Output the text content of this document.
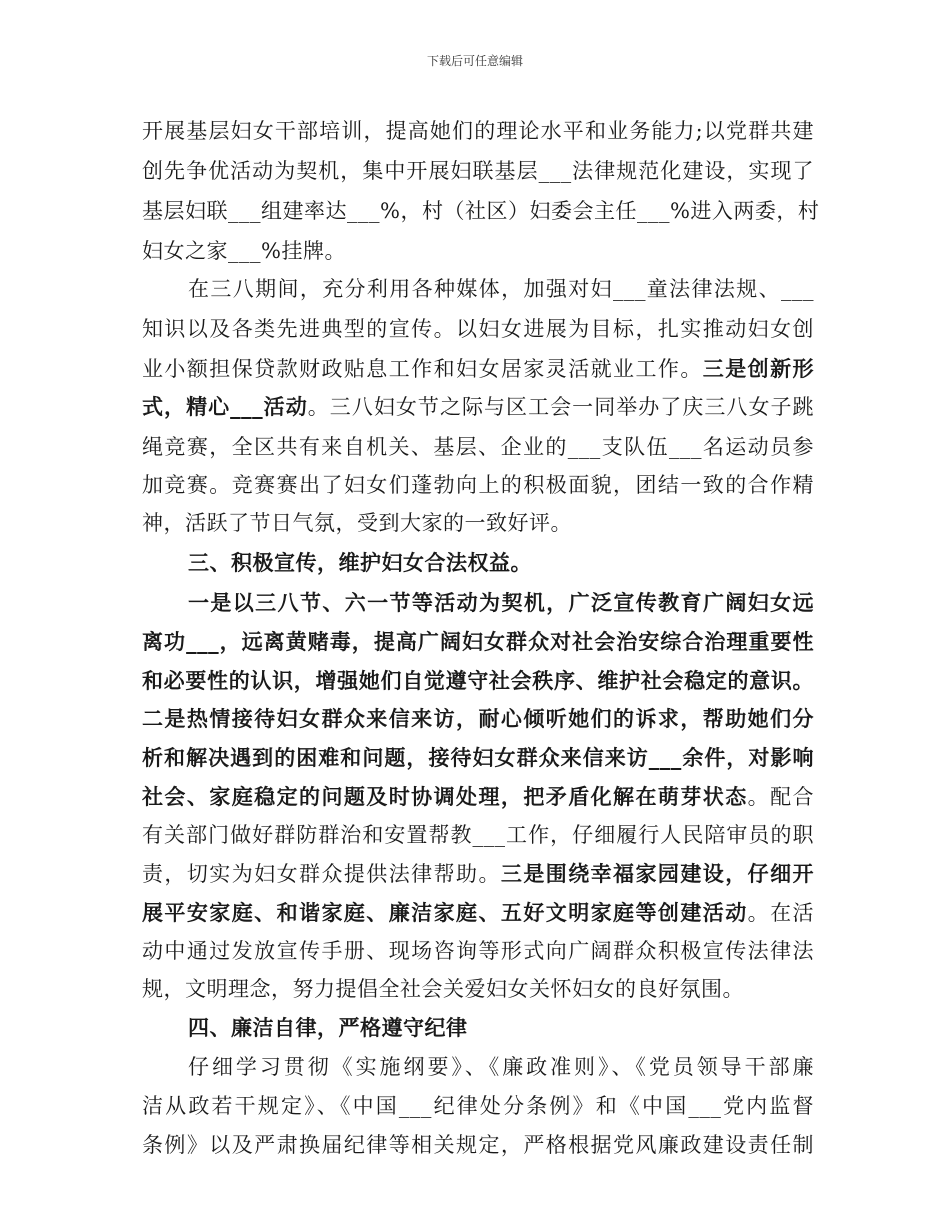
下载后可任意编辑
开展基层妇女干部培训，提高她们的理论水平和业务能力;以党群共建
创先争优活动为契机，集中开展妇联基层___法律规范化建设，实现了
基层妇联___组建率达___%，村（社区）妇委会主任___%进入两委，村
妇女之家___%挂牌。
在三八期间，充分利用各种媒体，加强对妇___童法律法规、___
知识以及各类先进典型的宣传。以妇女进展为目标，扎实推动妇女创
业小额担保贷款财政贴息工作和妇女居家灵活就业工作。三是创新形
式，精心___活动。三八妇女节之际与区工会一同举办了庆三八女子跳
绳竞赛，全区共有来自机关、基层、企业的___支队伍___名运动员参
加竞赛。竞赛赛出了妇女们蓬勃向上的积极面貌，团结一致的合作精
神，活跃了节日气氛，受到大家的一致好评。
三、积极宣传，维护妇女合法权益。
一是以三八节、六一节等活动为契机，广泛宣传教育广阔妇女远
离功___，远离黄赌毒，提高广阔妇女群众对社会治安综合治理重要性
和必要性的认识，增强她们自觉遵守社会秩序、维护社会稳定的意识。
二是热情接待妇女群众来信来访，耐心倾听她们的诉求，帮助她们分
析和解决遇到的困难和问题，接待妇女群众来信来访___余件，对影响
社会、家庭稳定的问题及时协调处理，把矛盾化解在萌芽状态。配合
有关部门做好群防群治和安置帮教___工作，仔细履行人民陪审员的职
责，切实为妇女群众提供法律帮助。三是围绕幸福家园建设，仔细开
展平安家庭、和谐家庭、廉洁家庭、五好文明家庭等创建活动。在活
动中通过发放宣传手册、现场咨询等形式向广阔群众积极宣传法律法
规，文明理念，努力提倡全社会关爱妇女关怀妇女的良好氛围。
四、廉洁自律，严格遵守纪律
仔细学习贯彻《实施纲要》、《廉政准则》、《党员领导干部廉
洁从政若干规定》、《中国___纪律处分条例》和《中国___党内监督
条例》以及严肃换届纪律等相关规定，严格根据党风廉政建设责任制
